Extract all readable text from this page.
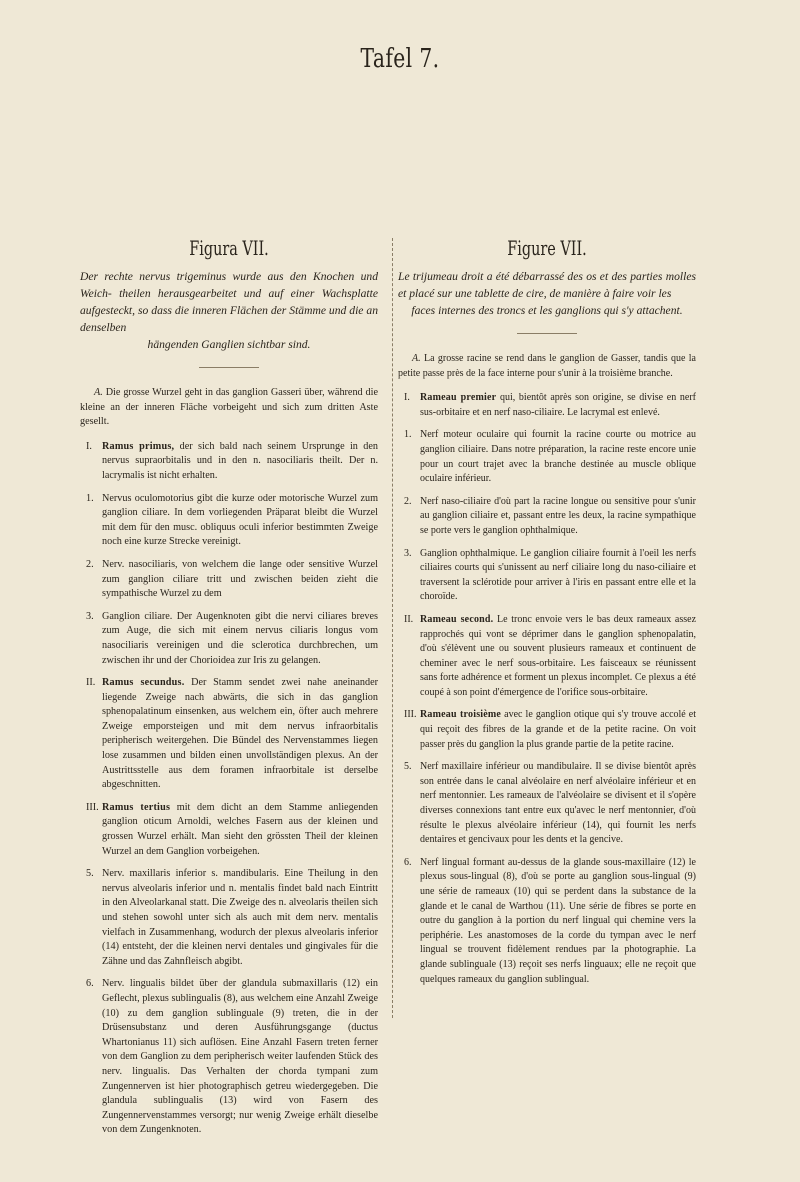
Tafel 7.
Figura VII.

Der rechte nervus trigeminus wurde aus den Knochen und Weich- theilen herausgearbeitet und auf einer Wachsplatte aufgesteckt, so dass die inneren Flächen der Stämme und die an denselben
hängenden Ganglien sichtbar sind.

A. Die grosse Wurzel geht in das ganglion Gasseri über, während die kleine an der inneren Fläche vorbeigeht und sich zum dritten Aste gesellt.

I. Ramus primus, der sich bald nach seinem Ursprunge in den nervus supraorbitalis und in den n. nasociliaris theilt. Der n. lacrymalis ist nicht erhalten.

1. Nervus oculomotorius gibt die kurze oder motorische Wurzel zum ganglion ciliare. In dem vorliegenden Präparat bleibt die Wurzel mit dem für den musc. obliquus oculi inferior bestimmten Zweige noch eine kurze Strecke vereinigt.

2. Nerv. nasociliaris, von welchem die lange oder sensitive Wurzel zum ganglion ciliare tritt und zwischen beiden zieht die sympathische Wurzel zu dem

3. Ganglion ciliare. Der Augenknoten gibt die nervi ciliares breves zum Auge, die sich mit einem nervus ciliaris longus vom nasociliaris vereinigen und die sclerotica durchbrechen, um zwischen ihr und der Chorioidea zur Iris zu gelangen.

II. Ramus secundus. Der Stamm sendet zwei nahe aneinander liegende Zweige nach abwärts, die sich in das ganglion sphenopalatinum einsenken, aus welchem ein, öfter auch mehrere Zweige emporsteigen und mit dem nervus infraorbitalis peripherisch weitergehen. Die Bündel des Nervenstammes liegen lose zusammen und bilden einen unvollständigen plexus. An der Austrittsstelle aus dem foramen infraorbitale ist derselbe abgeschnitten.

III. Ramus tertius mit dem dicht an dem Stamme anliegenden ganglion oticum Arnoldi, welches Fasern aus der kleinen und grossen Wurzel erhält. Man sieht den grössten Theil der kleinen Wurzel an dem Ganglion vorbeigehen.

5. Nerv. maxillaris inferior s. mandibularis. Eine Theilung in den nervus alveolaris inferior und n. mentalis findet bald nach Eintritt in den Alveolarkanal statt. Die Zweige des n. alveolaris theilen sich und stehen sowohl unter sich als auch mit dem nerv. mentalis vielfach in Zusammenhang, wodurch der plexus alveolaris inferior (14) entsteht, der die kleinen nervi dentales und gingivales für die Zähne und das Zahnfleisch abgibt.

6. Nerv. lingualis bildet über der glandula submaxillaris (12) ein Geflecht, plexus sublingualis (8), aus welchem eine Anzahl Zweige (10) zu dem ganglion sublinguale (9) treten, die in der Drüsensubstanz und deren Ausführungsgange (ductus Whartonianus 11) sich auflösen. Eine Anzahl Fasern treten ferner von dem Ganglion zu dem peripherisch weiter laufenden Stück des nerv. lingualis. Das Verhalten der chorda tympani zum Zungennerven ist hier photographisch getreu wiedergegeben. Die glandula sublingualis (13) wird von Fasern des Zungennervenstammes versorgt; nur wenig Zweige erhält dieselbe von dem Zungenknoten.

Figure VII.

Le trijumeau droit a été débarrassé des os et des parties molles et placé sur une tablette de cire, de manière à faire voir les
faces internes des troncs et les ganglions qui s'y attachent.

A. La grosse racine se rend dans le ganglion de Gasser, tandis que la petite passe près de la face interne pour s'unir à la troisième branche.

I. Rameau premier qui, bientôt après son origine, se divise en nerf sus-orbitaire et en nerf naso-ciliaire. Le lacrymal est enlevé.

1. Nerf moteur oculaire qui fournit la racine courte ou motrice au ganglion ciliaire. Dans notre préparation, la racine reste encore unie pour un court trajet avec la branche destinée au muscle oblique oculaire inférieur.

2. Nerf naso-ciliaire d'où part la racine longue ou sensitive pour s'unir au ganglion ciliaire et, passant entre les deux, la racine sympathique se porte vers le ganglion ophthalmique.

3. Ganglion ophthalmique. Le ganglion ciliaire fournit à l'oeil les nerfs ciliaires courts qui s'unissent au nerf ciliaire long du naso-ciliaire et traversent la sclérotide pour arriver à l'iris en passant entre elle et la choroïde.

II. Rameau second. Le tronc envoie vers le bas deux rameaux assez rapprochés qui vont se déprimer dans le ganglion sphenopalatin, d'où s'élèvent une ou souvent plusieurs rameaux et continuent de cheminer avec le nerf sous-orbitaire. Les faisceaux se réunissent sans forte adhérence et forment un plexus incomplet. Ce plexus a été coupé à son point d'émergence de l'orifice sous-orbitaire.

III. Rameau troisième avec le ganglion otique qui s'y trouve accolé et qui reçoit des fibres de la grande et de la petite racine. On voit passer près du ganglion la plus grande partie de la petite racine.

5. Nerf maxillaire inférieur ou mandibulaire. Il se divise bientôt après son entrée dans le canal alvéolaire en nerf alvéolaire inférieur et en nerf mentonnier. Les rameaux de l'alvéolaire se divisent et il s'opère diverses connexions tant entre eux qu'avec le nerf mentonnier, d'où résulte le plexus alvéolaire inférieur (14), qui fournit les nerfs dentaires et gencivaux pour les dents et la gencive.

6. Nerf lingual formant au-dessus de la glande sous-maxillaire (12) le plexus sous-lingual (8), d'où se porte au ganglion sous-lingual (9) une série de rameaux (10) qui se perdent dans la substance de la glande et le canal de Warthou (11). Une série de fibres se porte en outre du ganglion à la portion du nerf lingual qui chemine vers la periphérie. Les anastomoses de la corde du tympan avec le nerf lingual se trouvent fidèlement rendues par la photographie. La glande sublinguale (13) reçoit ses nerfs linguaux; elle ne reçoit que quelques rameaux du ganglion sublingual.
